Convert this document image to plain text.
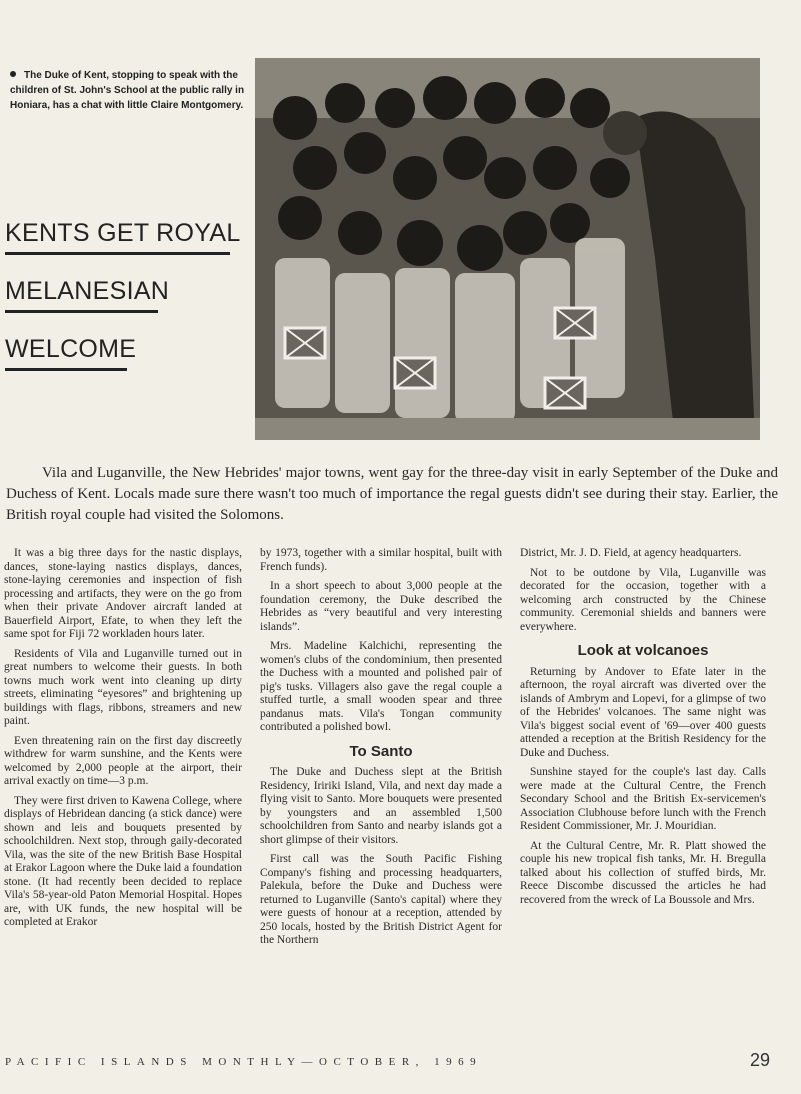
The Duke of Kent, stopping to speak with the children of St. John's School at the public rally in Honiara, has a chat with little Claire Montgomery.
KENTS GET ROYAL
MELANESIAN
WELCOME
Vila and Luganville, the New Hebrides' major towns, went gay for the three-day visit in early September of the Duke and Duchess of Kent. Locals made sure there wasn't too much of importance the regal guests didn't see during their stay. Earlier, the British royal couple had visited the Solomons.

It was a big three days for the nastic displays, dances, stone-laying nastics displays, dances, stone-laying ceremonies and inspection of fish processing and artifacts, they were on the go from when their private Andover aircraft landed at Bauerfield Airport, Efate, to when they left the same spot for Fiji 72 workladen hours later.

Residents of Vila and Luganville turned out in great numbers to welcome their guests. In both towns much work went into cleaning up dirty streets, eliminating “eyesores” and brightening up buildings with flags, ribbons, streamers and new paint.

Even threatening rain on the first day discreetly withdrew for warm sunshine, and the Kents were welcomed by 2,000 people at the airport, their arrival exactly on time—3 p.m.

They were first driven to Kawena College, where displays of Hebridean dancing (a stick dance) were shown and leis and bouquets presented by schoolchildren. Next stop, through gaily-decorated Vila, was the site of the new British Base Hospital at Erakor Lagoon where the Duke laid a foundation stone. (It had recently been decided to replace Vila's 58-year-old Paton Memorial Hospital. Hopes are, with UK funds, the new hospital will be completed at Erakor

by 1973, together with a similar hospital, built with French funds).

In a short speech to about 3,000 people at the foundation ceremony, the Duke described the Hebrides as “very beautiful and very interesting islands”.

Mrs. Madeline Kalchichi, representing the women's clubs of the condominium, then presented the Duchess with a mounted and polished pair of pig's tusks. Villagers also gave the regal couple a stuffed turtle, a small wooden spear and three pandanus mats. Vila's Tongan community contributed a polished bowl.

To Santo

The Duke and Duchess slept at the British Residency, Iririki Island, Vila, and next day made a flying visit to Santo. More bouquets were presented by youngsters and an assembled 1,500 schoolchildren from Santo and nearby islands got a short glimpse of their visitors.

First call was the South Pacific Fishing Company's fishing and processing headquarters, Palekula, before the Duke and Duchess were returned to Luganville (Santo's capital) where they were guests of honour at a reception, attended by 250 locals, hosted by the British District Agent for the Northern

District, Mr. J. D. Field, at agency headquarters.

Not to be outdone by Vila, Luganville was decorated for the occasion, together with a welcoming arch constructed by the Chinese community. Ceremonial shields and banners were everywhere.

Look at volcanoes

Returning by Andover to Efate later in the afternoon, the royal aircraft was diverted over the islands of Ambrym and Lopevi, for a glimpse of two of the Hebrides' volcanoes. The same night was Vila's biggest social event of '69—over 400 guests attended a reception at the British Residency for the Duke and Duchess.

Sunshine stayed for the couple's last day. Calls were made at the Cultural Centre, the French Secondary School and the British Ex-servicemen's Association Clubhouse before lunch with the French Resident Commissioner, Mr. J. Mouridian.

At the Cultural Centre, Mr. R. Platt showed the couple his new tropical fish tanks, Mr. H. Bregulla talked about his collection of stuffed birds, Mr. Reece Discombe discussed the articles he had recovered from the wreck of La Boussole and Mrs.

PACIFIC ISLANDS MONTHLY—OCTOBER, 1969	29
